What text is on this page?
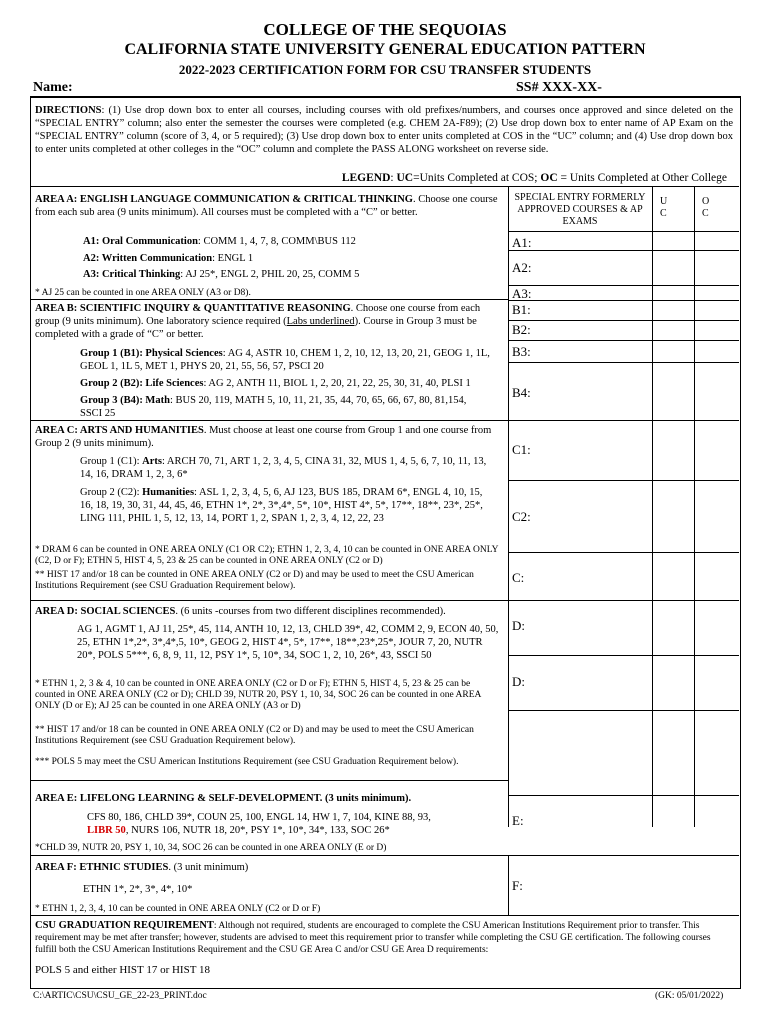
COLLEGE OF THE SEQUOIAS
CALIFORNIA STATE UNIVERSITY GENERAL EDUCATION PATTERN
2022-2023 CERTIFICATION FORM FOR CSU TRANSFER STUDENTS
Name:	SS# XXX-XX-
DIRECTIONS: (1) Use drop down box to enter all courses, including courses with old prefixes/numbers, and courses once approved and since deleted on the “SPECIAL ENTRY” column; also enter the semester the courses were completed (e.g. CHEM 2A-F89); (2) Use drop down box to enter name of AP Exam on the “SPECIAL ENTRY” column (score of 3, 4, or 5 required); (3) Use drop down box to enter units completed at COS in the “UC” column; and (4) Use drop down box to enter units completed at other colleges in the “OC” column and complete the PASS ALONG worksheet on reverse side.
LEGEND: UC=Units Completed at COS; OC = Units Completed at Other College
SPECIAL ENTRY FORMERLY APPROVED COURSES & AP EXAMS
U
C
O
C
AREA A: ENGLISH LANGUAGE COMMUNICATION & CRITICAL THINKING. Choose one course from each sub area (9 units minimum). All courses must be completed with a “C” or better.
A1: Oral Communication: COMM 1, 4, 7, 8, COMM\BUS 112
A2: Written Communication: ENGL 1
A3: Critical Thinking: AJ 25*, ENGL 2, PHIL 20, 25, COMM 5
* AJ 25 can be counted in one AREA ONLY (A3 or D8).
A1:
A2:
A3:
AREA B: SCIENTIFIC INQUIRY & QUANTITATIVE REASONING. Choose one course from each group (9 units minimum). One laboratory science required (Labs underlined). Course in Group 3 must be completed with a grade of “C” or better.
Group 1 (B1): Physical Sciences: AG 4, ASTR 10, CHEM 1, 2, 10, 12, 13, 20, 21, GEOG 1, 1L, GEOL 1, 1L 5, MET 1, PHYS 20, 21, 55, 56, 57, PSCI 20
Group 2 (B2): Life Sciences: AG 2, ANTH 11, BIOL 1, 2, 20, 21, 22, 25, 30, 31, 40, PLSI 1
Group 3 (B4): Math: BUS 20, 119, MATH 5, 10, 11, 21, 35, 44, 70, 65, 66, 67, 80, 81,154, SSCI 25
B1:
B2:
B3:
B4:
AREA C: ARTS AND HUMANITIES. Must choose at least one course from Group 1 and one course from Group 2 (9 units minimum).
Group 1 (C1): Arts: ARCH 70, 71, ART 1, 2, 3, 4, 5, CINA 31, 32, MUS 1, 4, 5, 6, 7, 10, 11, 13, 14, 16, DRAM 1, 2, 3, 6*
Group 2 (C2): Humanities: ASL 1, 2, 3, 4, 5, 6, AJ 123, BUS 185, DRAM 6*, ENGL 4, 10, 15, 16, 18, 19, 30, 31, 44, 45, 46, ETHN 1*, 2*, 3*,4*, 5*, 10*, HIST 4*, 5*, 17**, 18**, 23*, 25*, LING 111, PHIL 1, 5, 12, 13, 14, PORT 1, 2, SPAN 1, 2, 3, 4, 12, 22, 23
* DRAM 6 can be counted in ONE AREA ONLY (C1 OR C2); ETHN 1, 2, 3, 4, 10 can be counted in ONE AREA ONLY (C2, D or F); ETHN 5, HIST 4, 5, 23 & 25 can be counted in ONE AREA ONLY (C2 or D)
** HIST 17 and/or 18 can be counted in ONE AREA ONLY (C2 or D) and may be used to meet the CSU American Institutions Requirement (see CSU Graduation Requirement below).
C1:
C2:
C:
AREA D: SOCIAL SCIENCES. (6 units -courses from two different disciplines recommended).
AG 1, AGMT 1, AJ 11, 25*, 45, 114, ANTH 10, 12, 13, CHLD 39*, 42, COMM 2, 9, ECON 40, 50, 25, ETHN 1*,2*, 3*,4*,5, 10*, GEOG 2, HIST 4*, 5*, 17**, 18**,23*,25*, JOUR 7, 20, NUTR 20*, POLS 5***, 6, 8, 9, 11, 12, PSY 1*, 5, 10*, 34, SOC 1, 2, 10, 26*, 43, SSCI 50
* ETHN 1, 2, 3 & 4, 10 can be counted in ONE AREA ONLY (C2 or D or F); ETHN 5, HIST 4, 5, 23 & 25 can be counted in ONE AREA ONLY (C2 or D); CHLD 39, NUTR 20, PSY 1, 10, 34, SOC 26 can be counted in one AREA ONLY (D or E); AJ 25 can be counted in one AREA ONLY (A3 or D)
** HIST 17 and/or 18 can be counted in ONE AREA ONLY (C2 or D) and may be used to meet the CSU American Institutions Requirement (see CSU Graduation Requirement below).
*** POLS 5 may meet the CSU American Institutions Requirement (see CSU Graduation Requirement below).
D:
D:
AREA E: LIFELONG LEARNING & SELF-DEVELOPMENT. (3 units minimum).
CFS 80, 186, CHLD 39*, COUN 25, 100, ENGL 14, HW 1, 7, 104, KINE 88, 93,
LIBR 50, NURS 106, NUTR 18, 20*, PSY 1*, 10*, 34*, 133, SOC 26*
*CHLD 39, NUTR 20, PSY 1, 10, 34, SOC 26 can be counted in one AREA ONLY (E or D)
E:
AREA F: ETHNIC STUDIES. (3 unit minimum)
ETHN 1*, 2*, 3*, 4*, 10*
* ETHN 1, 2, 3, 4, 10 can be counted in ONE AREA ONLY (C2 or D or F)
F:
CSU GRADUATION REQUIREMENT: Although not required, students are encouraged to complete the CSU American Institutions Requirement prior to transfer. This requirement may be met after transfer; however, students are advised to meet this requirement prior to transfer while completing the CSU GE certification. The following courses fulfill both the CSU American Institutions Requirement and the CSU GE Area C and/or CSU GE Area D requirements:
POLS 5 and either HIST 17 or HIST 18
C:\ARTIC\CSU\CSU_GE_22-23_PRINT.doc	(GK: 05/01/2022)
